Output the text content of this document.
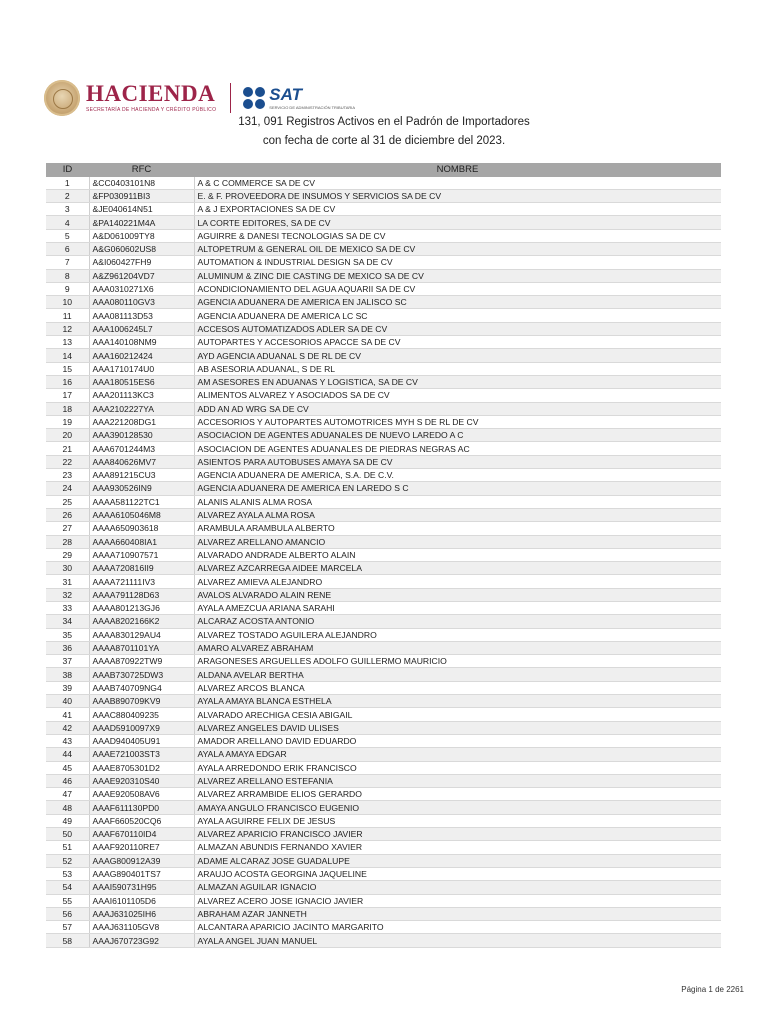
HACIENDA
SECRETARÍA DE HACIENDA Y CRÉDITO PÚBLICO
SAT
SERVICIO DE ADMINISTRACIÓN TRIBUTARIA
131, 091 Registros Activos en el Padrón de Importadores
con fecha de corte al 31 de diciembre del 2023.
ID	RFC	NOMBRE
1	&CC0403101N8	A & C COMMERCE SA DE CV
2	&FP030911BI3	E. & F. PROVEEDORA DE INSUMOS Y SERVICIOS SA DE CV
3	&JE040614N51	A & J EXPORTACIONES SA DE CV
4	&PA140221M4A	LA CORTE EDITORES, SA DE CV
5	A&D061009TY8	AGUIRRE & DANESI TECNOLOGIAS SA DE CV
6	A&G060602US8	ALTOPETRUM & GENERAL OIL DE MEXICO SA DE CV
7	A&I060427FH9	AUTOMATION & INDUSTRIAL DESIGN SA DE CV
8	A&Z961204VD7	ALUMINUM & ZINC DIE CASTING DE MEXICO SA DE CV
9	AAA0310271X6	ACONDICIONAMIENTO DEL AGUA AQUARII SA DE CV
10	AAA080110GV3	AGENCIA ADUANERA DE AMERICA EN JALISCO SC
11	AAA081113D53	AGENCIA ADUANERA DE AMERICA LC SC
12	AAA1006245L7	ACCESOS AUTOMATIZADOS ADLER SA DE CV
13	AAA140108NM9	AUTOPARTES Y ACCESORIOS APACCE SA DE CV
14	AAA160212424	AYD AGENCIA ADUANAL S DE RL DE CV
15	AAA1710174U0	AB ASESORIA ADUANAL, S DE RL
16	AAA180515ES6	AM ASESORES EN ADUANAS Y LOGISTICA, SA DE CV
17	AAA201113KC3	ALIMENTOS ALVAREZ Y ASOCIADOS SA DE CV
18	AAA2102227YA	ADD AN AD WRG SA DE CV
19	AAA221208DG1	ACCESORIOS Y AUTOPARTES AUTOMOTRICES MYH S DE RL DE CV
20	AAA390128530	ASOCIACION DE AGENTES ADUANALES DE NUEVO LAREDO A C
21	AAA6701244M3	ASOCIACION DE AGENTES ADUANALES DE PIEDRAS NEGRAS AC
22	AAA840626MV7	ASIENTOS PARA AUTOBUSES AMAYA SA DE CV
23	AAA891215CU3	AGENCIA ADUANERA DE AMERICA, S.A. DE C.V.
24	AAA930526IN9	AGENCIA ADUANERA DE AMERICA EN LAREDO S C
25	AAAA581122TC1	ALANIS ALANIS ALMA ROSA
26	AAAA6105046M8	ALVAREZ AYALA ALMA ROSA
27	AAAA650903618	ARAMBULA ARAMBULA ALBERTO
28	AAAA660408IA1	ALVAREZ ARELLANO AMANCIO
29	AAAA710907571	ALVARADO ANDRADE ALBERTO ALAIN
30	AAAA720816II9	ALVAREZ AZCARREGA AIDEE MARCELA
31	AAAA721111IV3	ALVAREZ AMIEVA ALEJANDRO
32	AAAA791128D63	AVALOS ALVARADO ALAIN RENE
33	AAAA801213GJ6	AYALA AMEZCUA ARIANA SARAHI
34	AAAA8202166K2	ALCARAZ ACOSTA ANTONIO
35	AAAA830129AU4	ALVAREZ TOSTADO AGUILERA ALEJANDRO
36	AAAA8701101YA	AMARO ALVAREZ ABRAHAM
37	AAAA870922TW9	ARAGONESES ARGUELLES ADOLFO GUILLERMO MAURICIO
38	AAAB730725DW3	ALDANA AVELAR BERTHA
39	AAAB740709NG4	ALVAREZ ARCOS BLANCA
40	AAAB890709KV9	AYALA AMAYA BLANCA ESTHELA
41	AAAC880409235	ALVARADO ARECHIGA CESIA ABIGAIL
42	AAAD5910097X9	ALVAREZ ANGELES DAVID ULISES
43	AAAD940405U91	AMADOR ARELLANO DAVID EDUARDO
44	AAAE721003ST3	AYALA AMAYA EDGAR
45	AAAE8705301D2	AYALA ARREDONDO ERIK FRANCISCO
46	AAAE920310S40	ALVAREZ ARELLANO ESTEFANIA
47	AAAE920508AV6	ALVAREZ ARRAMBIDE ELIOS GERARDO
48	AAAF611130PD0	AMAYA ANGULO FRANCISCO EUGENIO
49	AAAF660520CQ6	AYALA AGUIRRE FELIX DE JESUS
50	AAAF670110ID4	ALVAREZ APARICIO FRANCISCO JAVIER
51	AAAF920110RE7	ALMAZAN ABUNDIS FERNANDO XAVIER
52	AAAG800912A39	ADAME ALCARAZ JOSE GUADALUPE
53	AAAG890401TS7	ARAUJO ACOSTA GEORGINA JAQUELINE
54	AAAI590731H95	ALMAZAN AGUILAR IGNACIO
55	AAAI6101105D6	ALVAREZ ACERO JOSE IGNACIO JAVIER
56	AAAJ631025IH6	ABRAHAM AZAR JANNETH
57	AAAJ631105GV8	ALCANTARA APARICIO JACINTO MARGARITO
58	AAAJ670723G92	AYALA ANGEL JUAN MANUEL
Página 1 de 2261
